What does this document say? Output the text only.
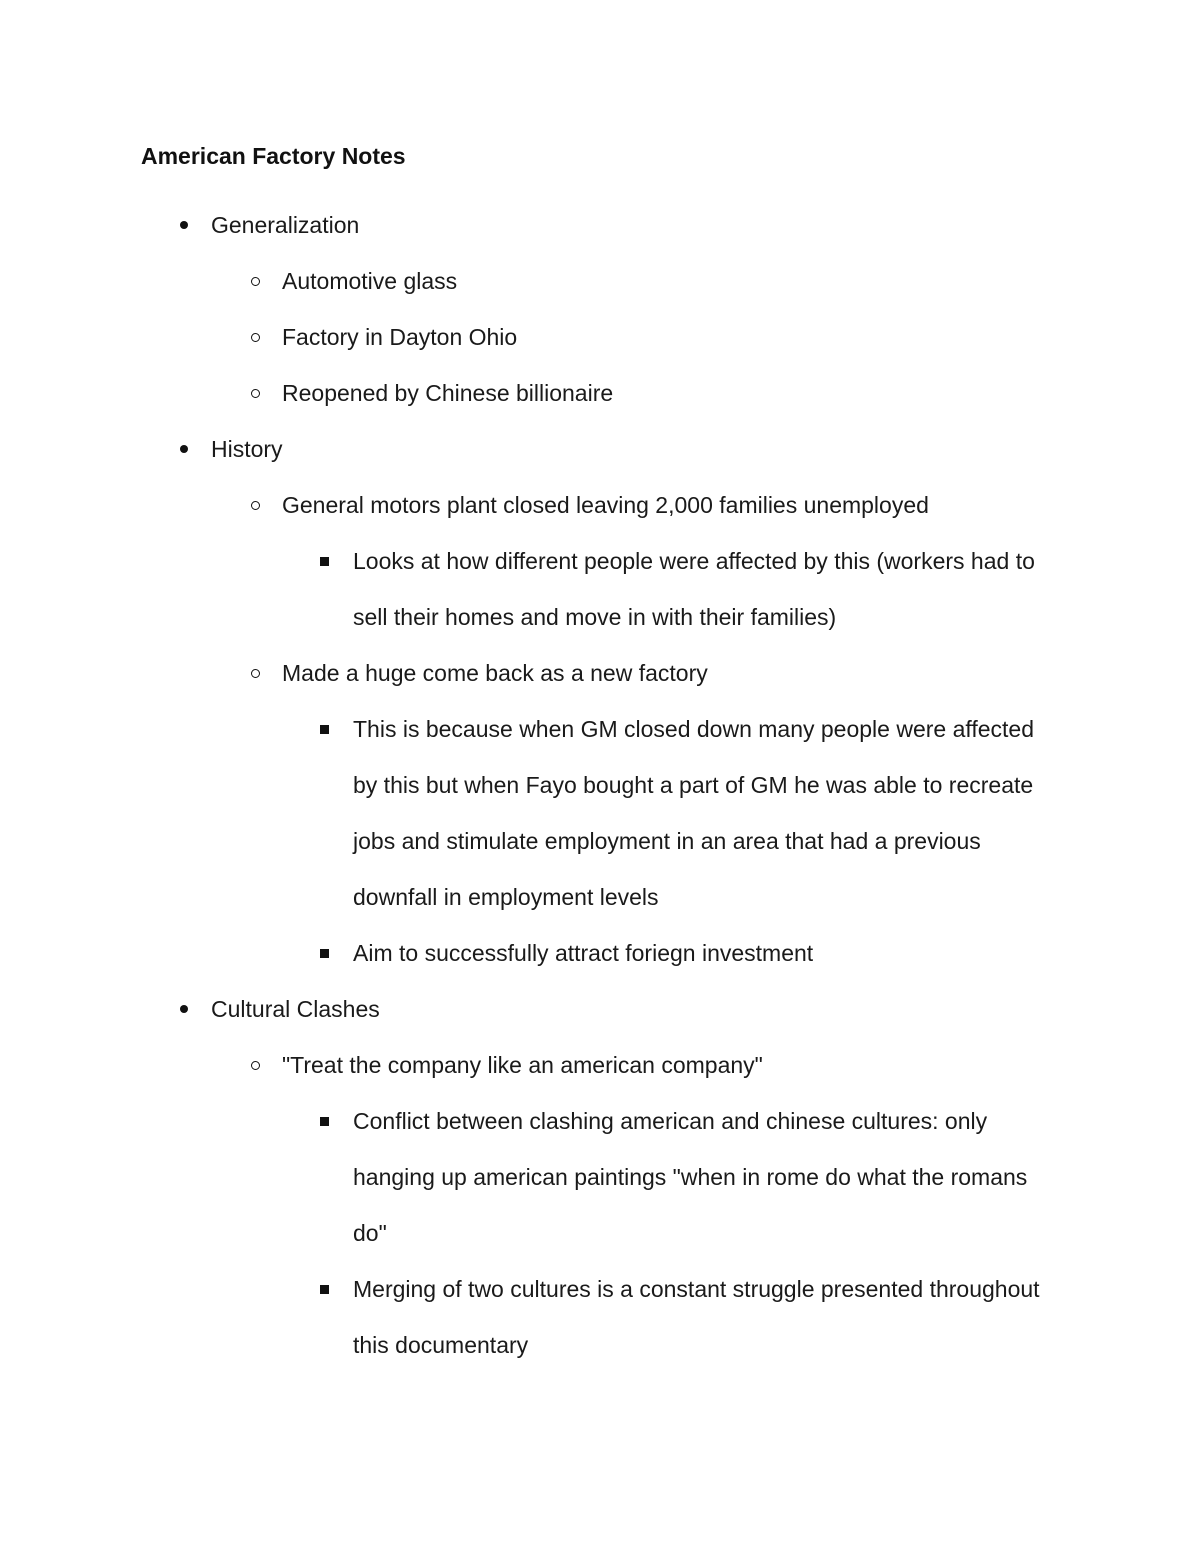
American Factory Notes
Generalization
Automotive glass
Factory in Dayton Ohio
Reopened by Chinese billionaire
History
General motors plant closed leaving 2,000 families unemployed
Looks at how different people were affected by this (workers had to
sell their homes and move in with their families)
Made a huge come back as a new factory
This is because when GM closed down many people were affected
by this but when Fayo bought a part of GM he was able to recreate
jobs and stimulate employment in an area that had a previous
downfall in employment levels
Aim to successfully attract foriegn investment
Cultural Clashes
"Treat the company like an american company"
Conflict between clashing american and chinese cultures: only
hanging up american paintings "when in rome do what the romans
do"
Merging of two cultures is a constant struggle presented throughout
this documentary
